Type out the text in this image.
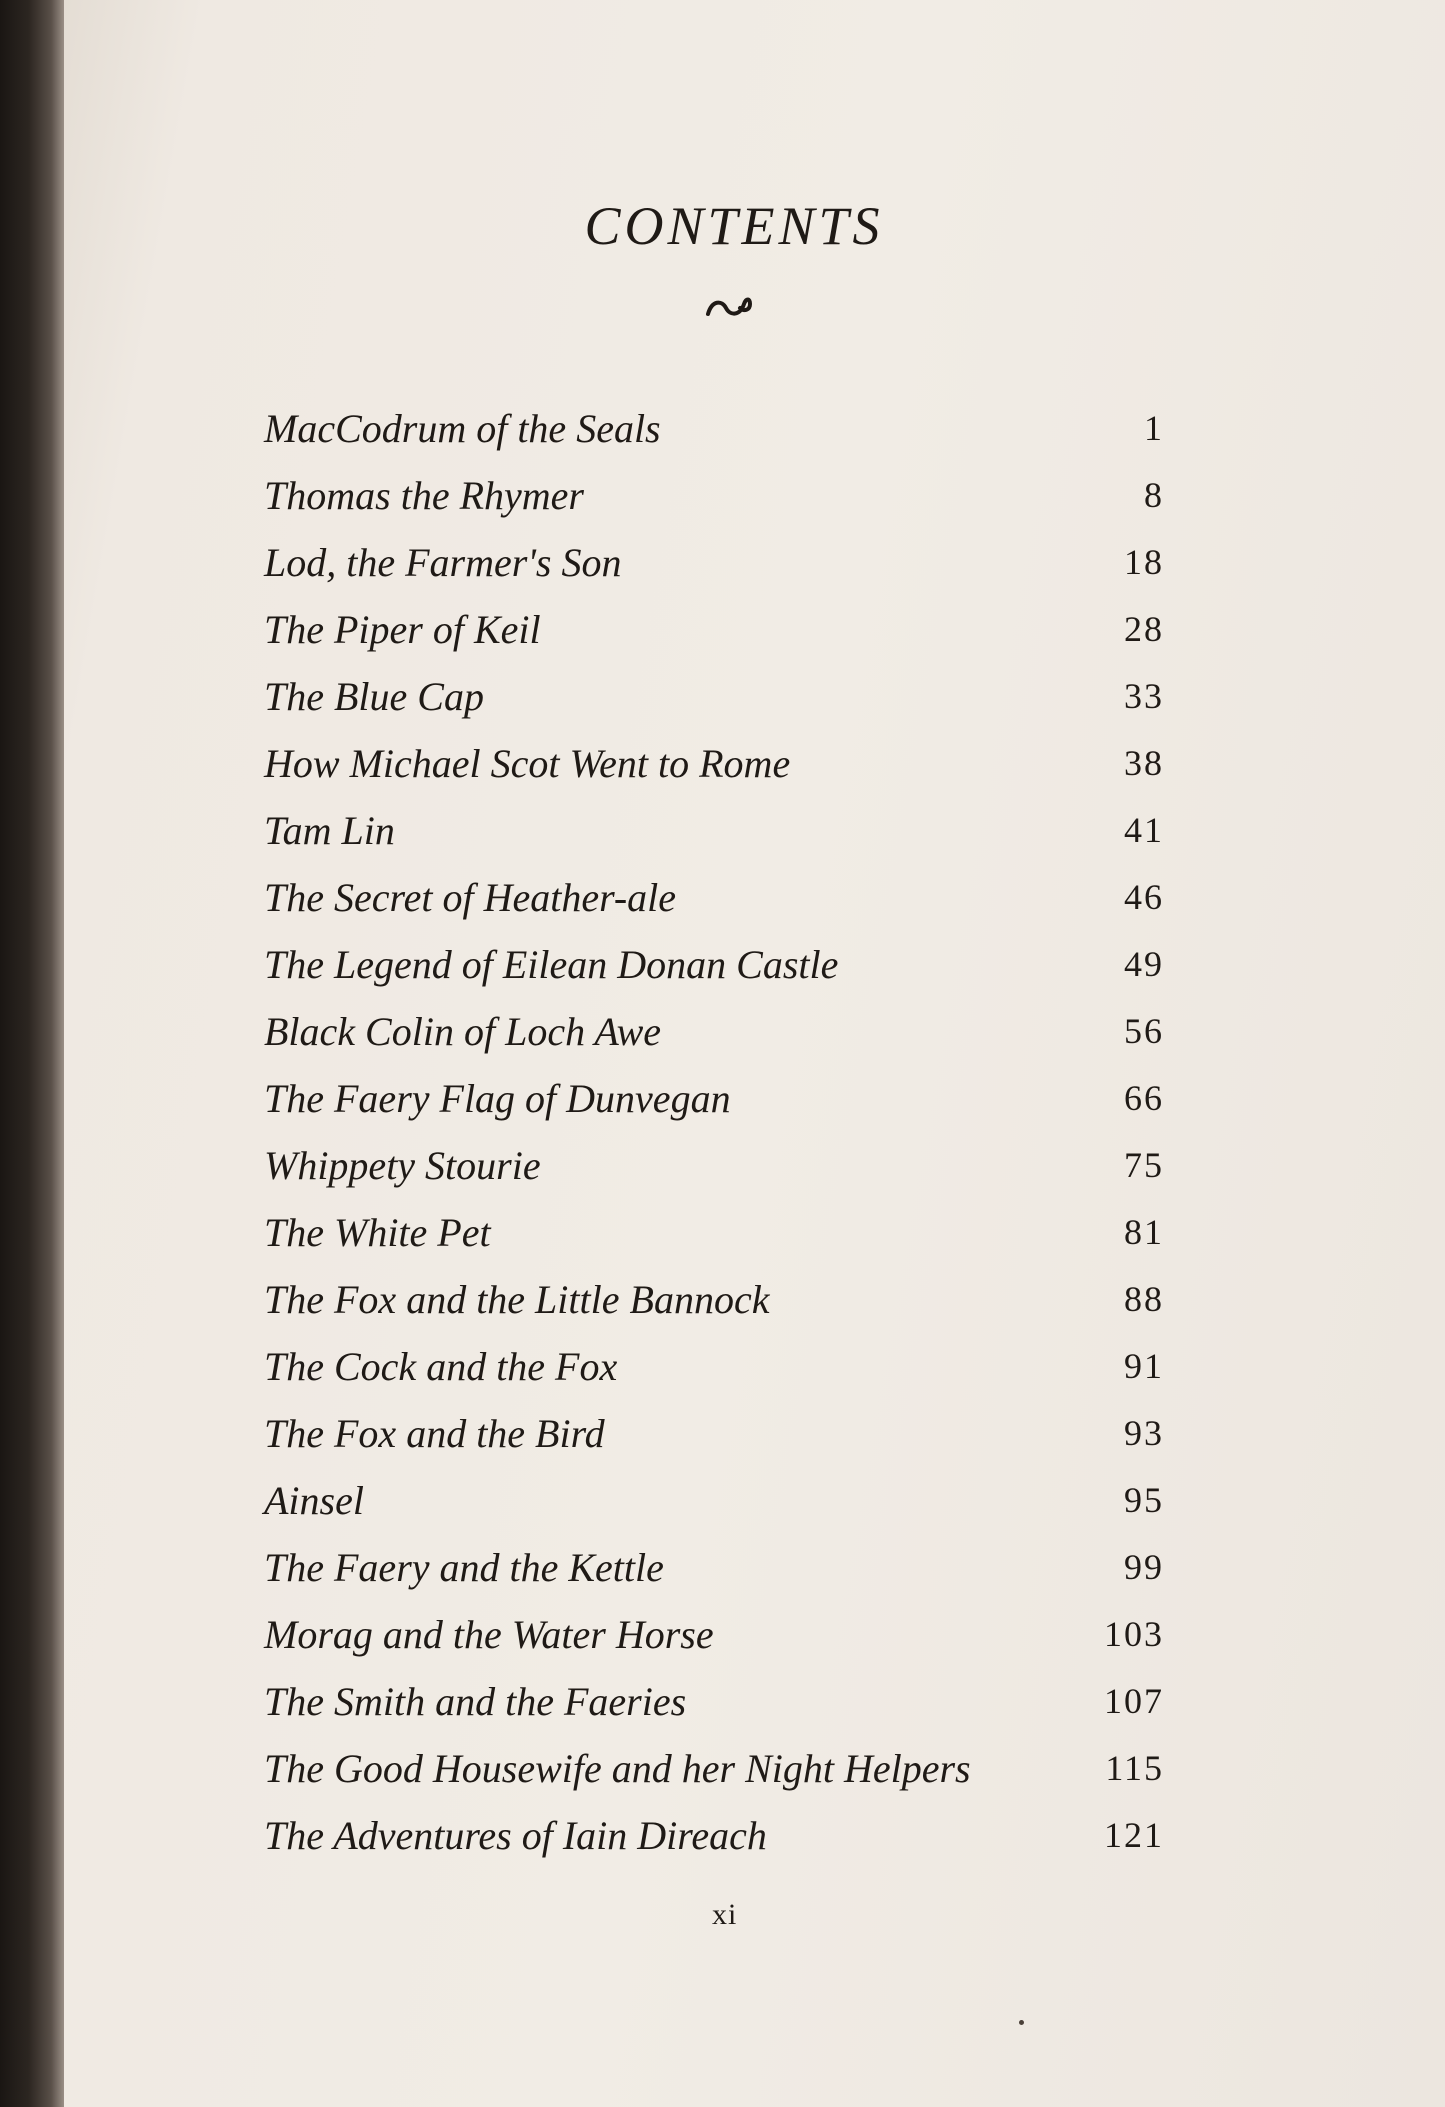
CONTENTS
MacCodrum of the Seals	1
Thomas the Rhymer	8
Lod, the Farmer's Son	18
The Piper of Keil	28
The Blue Cap	33
How Michael Scot Went to Rome	38
Tam Lin	41
The Secret of Heather-ale	46
The Legend of Eilean Donan Castle	49
Black Colin of Loch Awe	56
The Faery Flag of Dunvegan	66
Whippety Stourie	75
The White Pet	81
The Fox and the Little Bannock	88
The Cock and the Fox	91
The Fox and the Bird	93
Ainsel	95
The Faery and the Kettle	99
Morag and the Water Horse	103
The Smith and the Faeries	107
The Good Housewife and her Night Helpers	115
The Adventures of Iain Direach	121
xi
